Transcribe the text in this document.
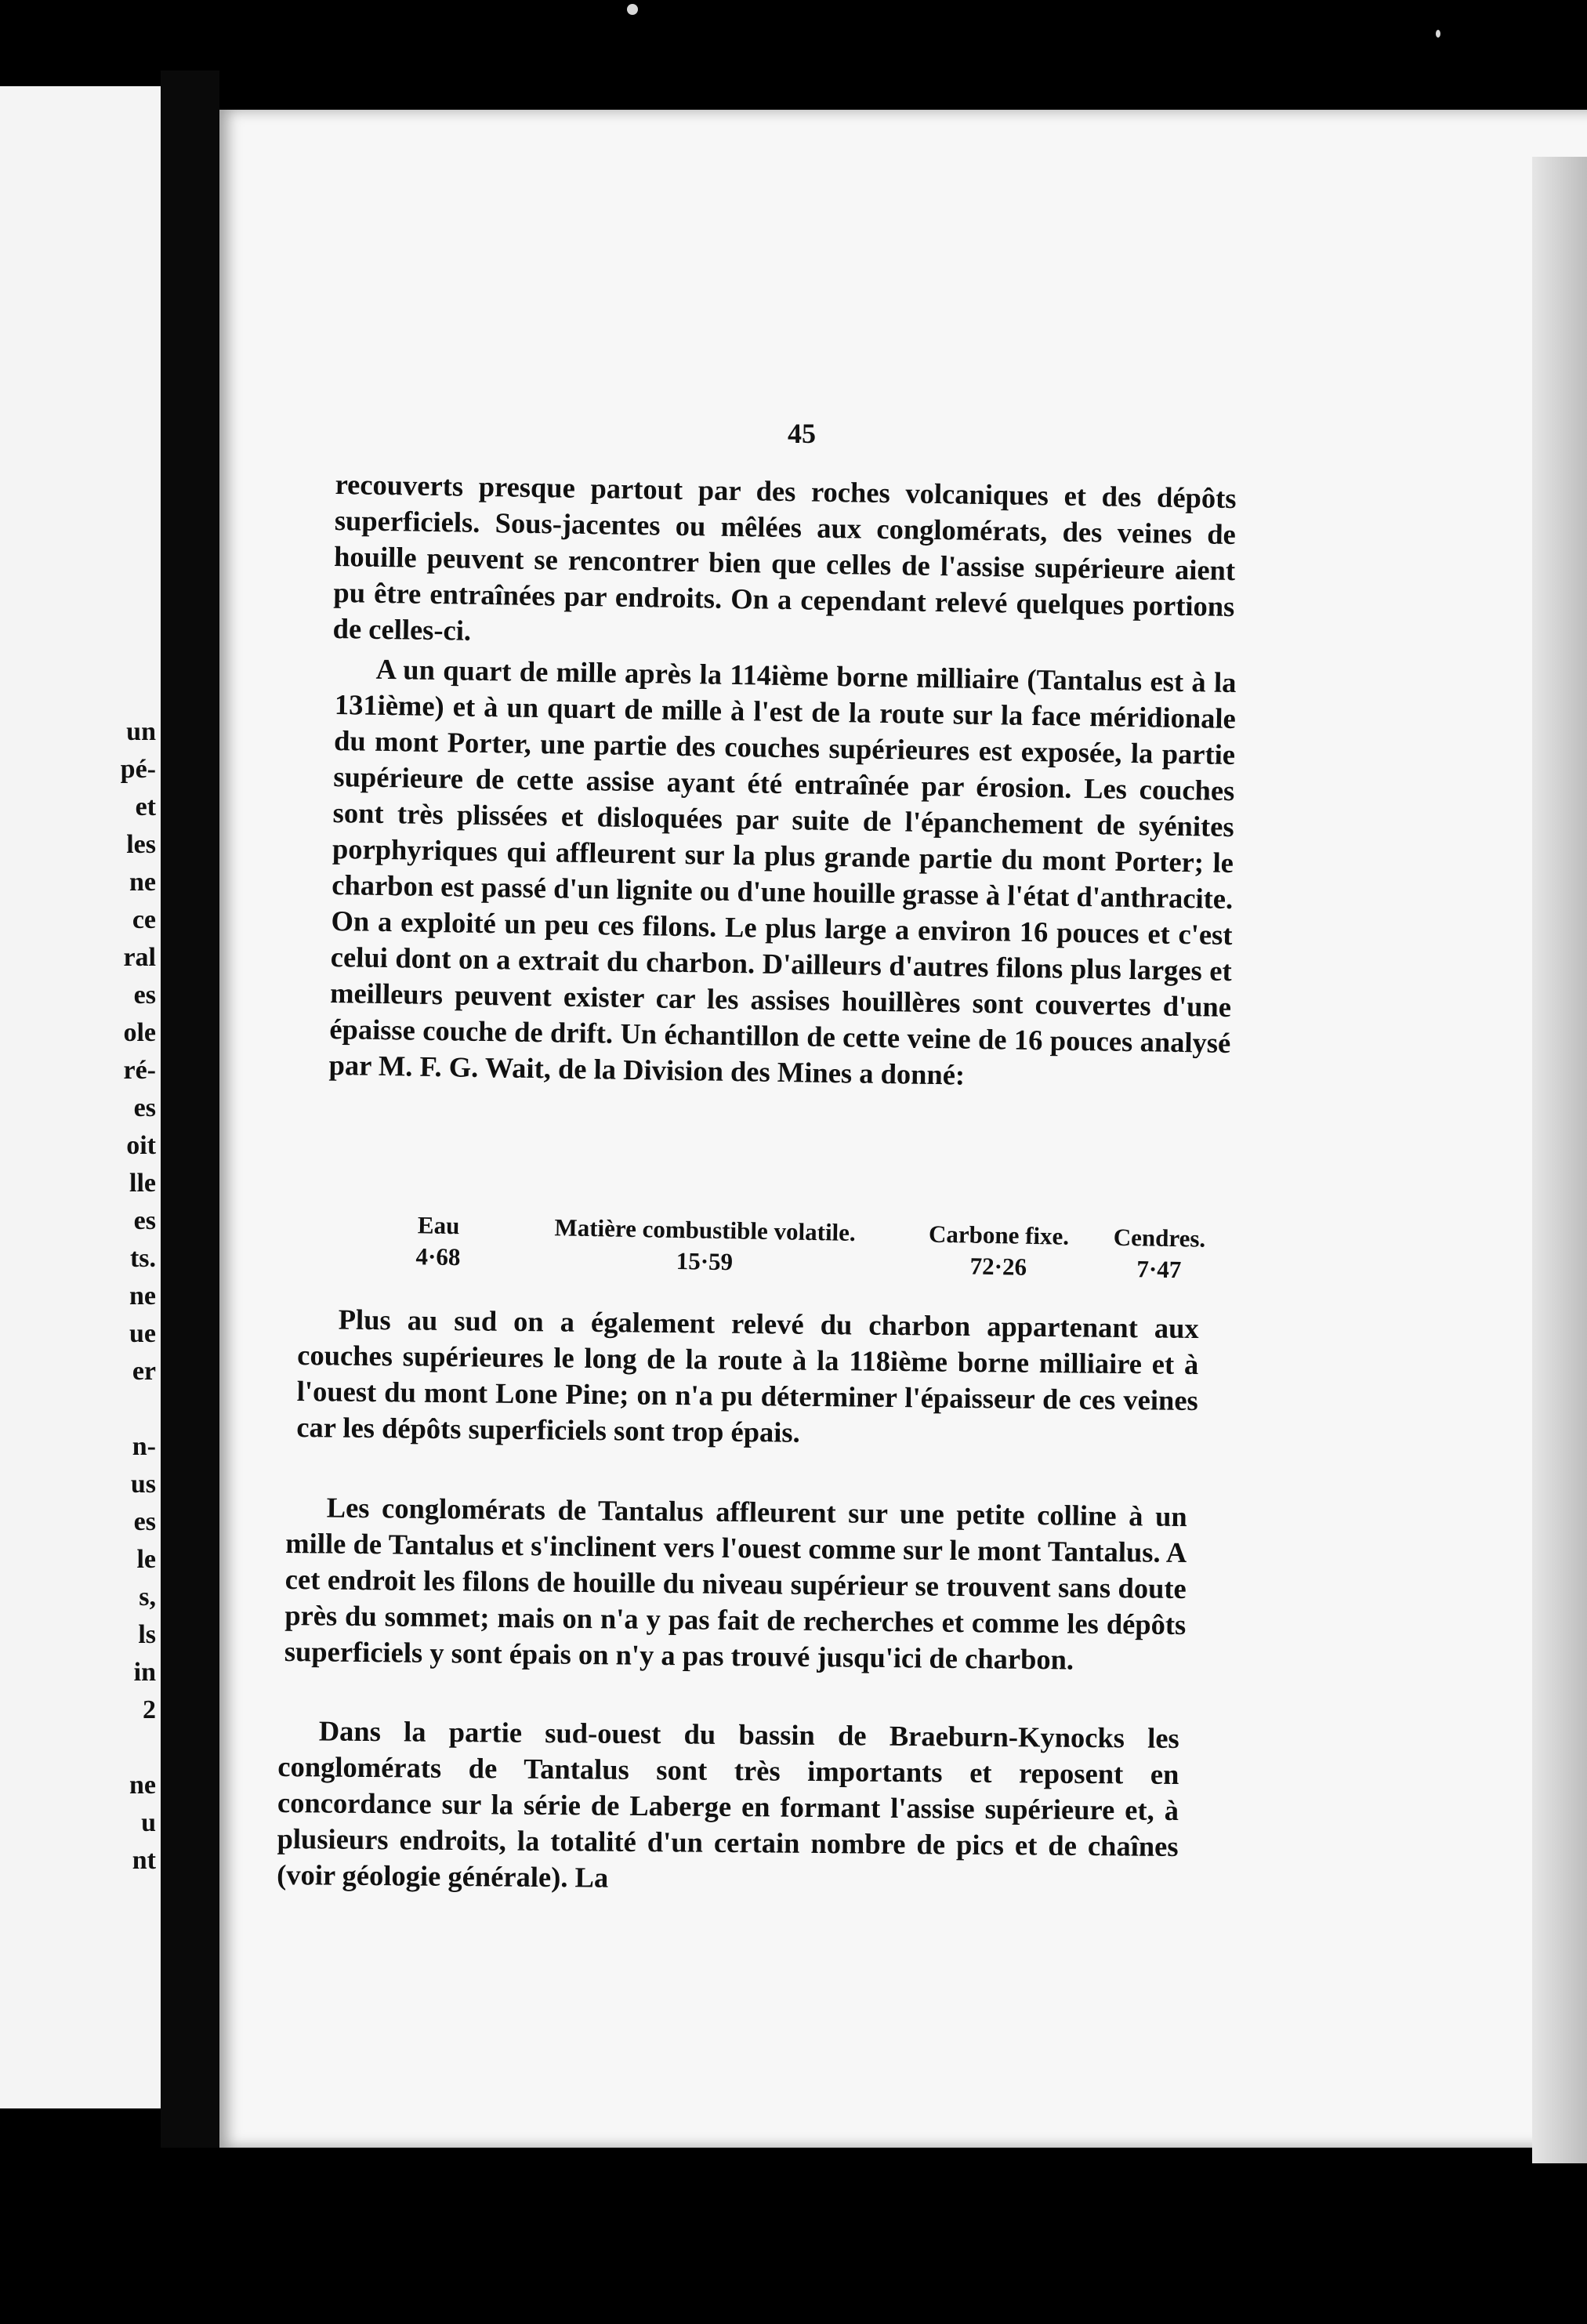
un
pé-
et
les
ne
ce
ral
es
ole
ré-
es
oit
lle
es
ts.
ne
ue
er
n-
us
es
le
s,
ls
in
2
ne
u
nt
45

recouverts presque partout par des roches volcaniques et des dépôts superficiels. Sous-jacentes ou mêlées aux conglomérats, des veines de houille peuvent se rencontrer bien que celles de l'assise supérieure aient pu être entraînées par endroits. On a cependant relevé quelques portions de celles-ci.

A un quart de mille après la 114ième borne milliaire (Tantalus est à la 131ième) et à un quart de mille à l'est de la route sur la face méridionale du mont Porter, une partie des couches supérieures est exposée, la partie supérieure de cette assise ayant été entraînée par érosion. Les couches sont très plissées et disloquées par suite de l'épanchement de syénites porphyriques qui affleurent sur la plus grande partie du mont Porter; le charbon est passé d'un lignite ou d'une houille grasse à l'état d'anthracite. On a exploité un peu ces filons. Le plus large a environ 16 pouces et c'est celui dont on a extrait du charbon. D'ailleurs d'autres filons plus larges et meilleurs peuvent exister car les assises houillères sont couvertes d'une épaisse couche de drift. Un échantillon de cette veine de 16 pouces analysé par M. F. G. Wait, de la Division des Mines a donné:

Eau
4·68
Matière combustible volatile.
15·59
Carbone fixe.
72·26
Cendres.
7·47

Plus au sud on a également relevé du charbon appartenant aux couches supérieures le long de la route à la 118ième borne milliaire et à l'ouest du mont Lone Pine; on n'a pu déterminer l'épaisseur de ces veines car les dépôts superficiels sont trop épais.

Les conglomérats de Tantalus affleurent sur une petite colline à un mille de Tantalus et s'inclinent vers l'ouest comme sur le mont Tantalus. A cet endroit les filons de houille du niveau supérieur se trouvent sans doute près du sommet; mais on n'a y pas fait de recherches et comme les dépôts superficiels y sont épais on n'y a pas trouvé jusqu'ici de charbon.

Dans la partie sud-ouest du bassin de Braeburn-Kynocks les conglomérats de Tantalus sont très importants et reposent en concordance sur la série de Laberge en formant l'assise supérieure et, à plusieurs endroits, la totalité d'un certain nombre de pics et de chaînes (voir géologie générale). La
